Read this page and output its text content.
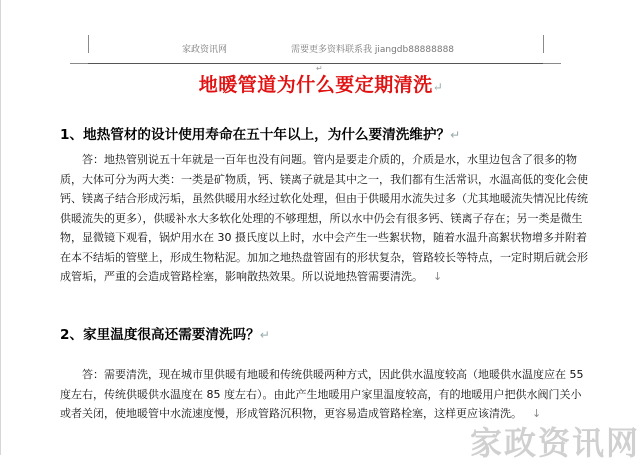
家政资讯网	需要更多资料联系我 jiangdb88888888
↵
地暖管道为什么要定期清洗↵
1、地热管材的设计使用寿命在五十年以上，为什么要清洗维护？↵
答：地热管别说五十年就是一百年也没有问题。管内是要走介质的，介质是水，水里边包含了很多的物质，大体可分为两大类：一类是矿物质，钙、镁离子就是其中之一，我们都有生活常识，水温高低的变化会使钙、镁离子结合形成污垢，虽然供暖用水经过软化处理，但由于供暖用水流失过多（尤其地暖流失情况比传统供暖流失的更多），供暖补水大多软化处理的不够理想，所以水中仍会有很多钙、镁离子存在；另一类是微生物，显微镜下观看，锅炉用水在 30 摄氏度以上时，水中会产生一些絮状物，随着水温升高絮状物增多并附着在本不结垢的管壁上，形成生物粘泥。加加之地热盘管固有的形状复杂，管路较长等特点，一定时期后就会形成管垢，严重的会造成管路栓塞，影响散热效果。所以说地热管需要清洗。 ↓
2、家里温度很高还需要清洗吗？↵
答：需要清洗，现在城市里供暖有地暖和传统供暖两种方式，因此供水温度较高（地暖供水温度应在 55 度左右，传统供暖供水温度在 85 度左右）。由此产生地暖用户家里温度较高，有的地暖用户把供水阀门关小或者关闭，使地暖管中水流速度慢，形成管路沉积物，更容易造成管路栓塞，这样更应该清洗。 ↓
家政资讯网
